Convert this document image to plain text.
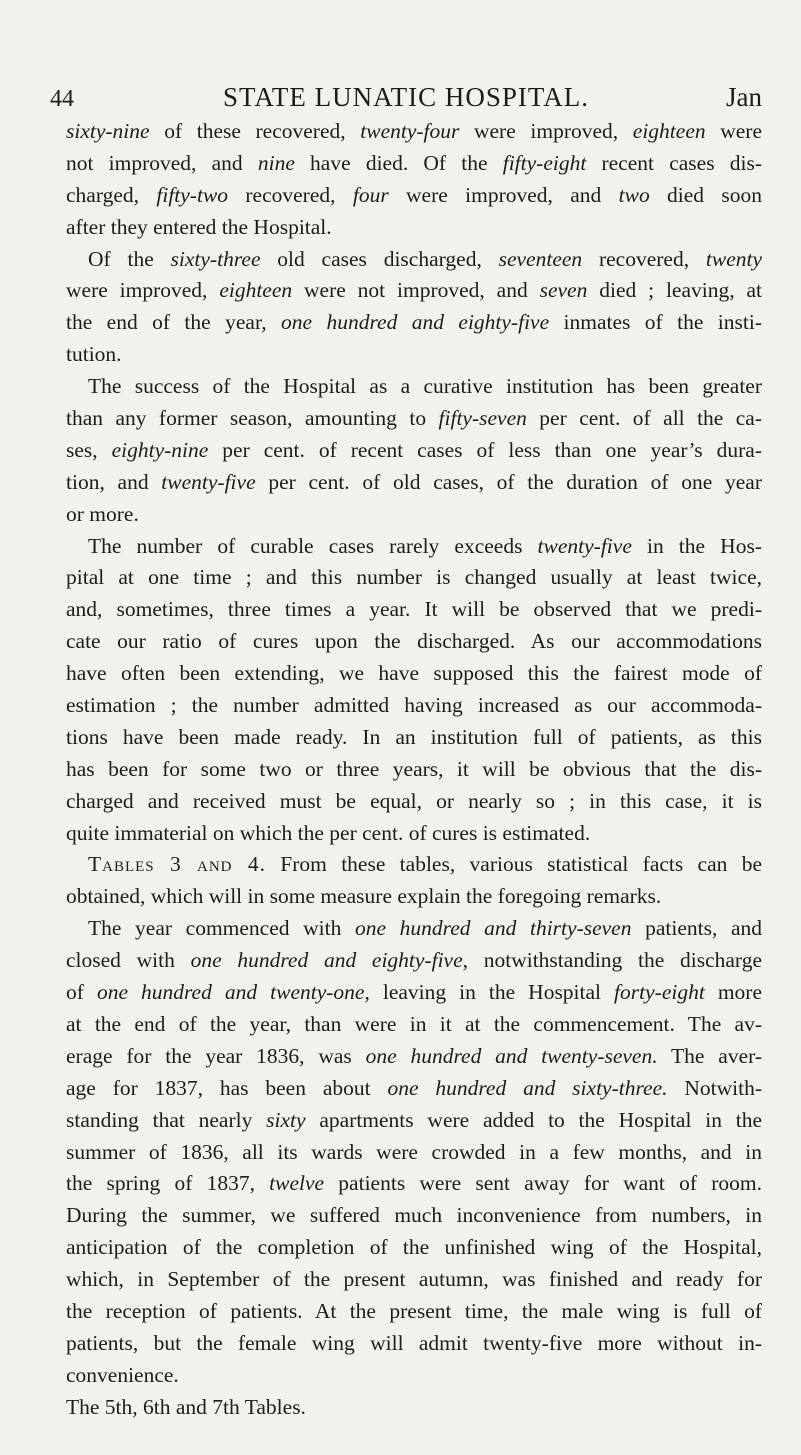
44	STATE LUNATIC HOSPITAL.	Jan
sixty-nine of these recovered, twenty-four were improved, eighteen were
not improved, and nine have died. Of the fifty-eight recent cases dis-
charged, fifty-two recovered, four were improved, and two died soon
after they entered the Hospital.
Of the sixty-three old cases discharged, seventeen recovered, twenty
were improved, eighteen were not improved, and seven died ; leaving, at
the end of the year, one hundred and eighty-five inmates of the insti-
tution.
The success of the Hospital as a curative institution has been greater
than any former season, amounting to fifty-seven per cent. of all the ca-
ses, eighty-nine per cent. of recent cases of less than one year’s dura-
tion, and twenty-five per cent. of old cases, of the duration of one year
or more.
The number of curable cases rarely exceeds twenty-five in the Hos-
pital at one time ; and this number is changed usually at least twice,
and, sometimes, three times a year. It will be observed that we predi-
cate our ratio of cures upon the discharged. As our accommodations
have often been extending, we have supposed this the fairest mode of
estimation ; the number admitted having increased as our accommoda-
tions have been made ready. In an institution full of patients, as this
has been for some two or three years, it will be obvious that the dis-
charged and received must be equal, or nearly so ; in this case, it is
quite immaterial on which the per cent. of cures is estimated.
Tables 3 and 4. From these tables, various statistical facts can be
obtained, which will in some measure explain the foregoing remarks.
The year commenced with one hundred and thirty-seven patients, and
closed with one hundred and eighty-five, notwithstanding the discharge
of one hundred and twenty-one, leaving in the Hospital forty-eight more
at the end of the year, than were in it at the commencement. The av-
erage for the year 1836, was one hundred and twenty-seven. The aver-
age for 1837, has been about one hundred and sixty-three. Notwith-
standing that nearly sixty apartments were added to the Hospital in the
summer of 1836, all its wards were crowded in a few months, and in
the spring of 1837, twelve patients were sent away for want of room.
During the summer, we suffered much inconvenience from numbers, in
anticipation of the completion of the unfinished wing of the Hospital,
which, in September of the present autumn, was finished and ready for
the reception of patients. At the present time, the male wing is full of
patients, but the female wing will admit twenty-five more without in-
convenience.
The 5th, 6th and 7th Tables.
